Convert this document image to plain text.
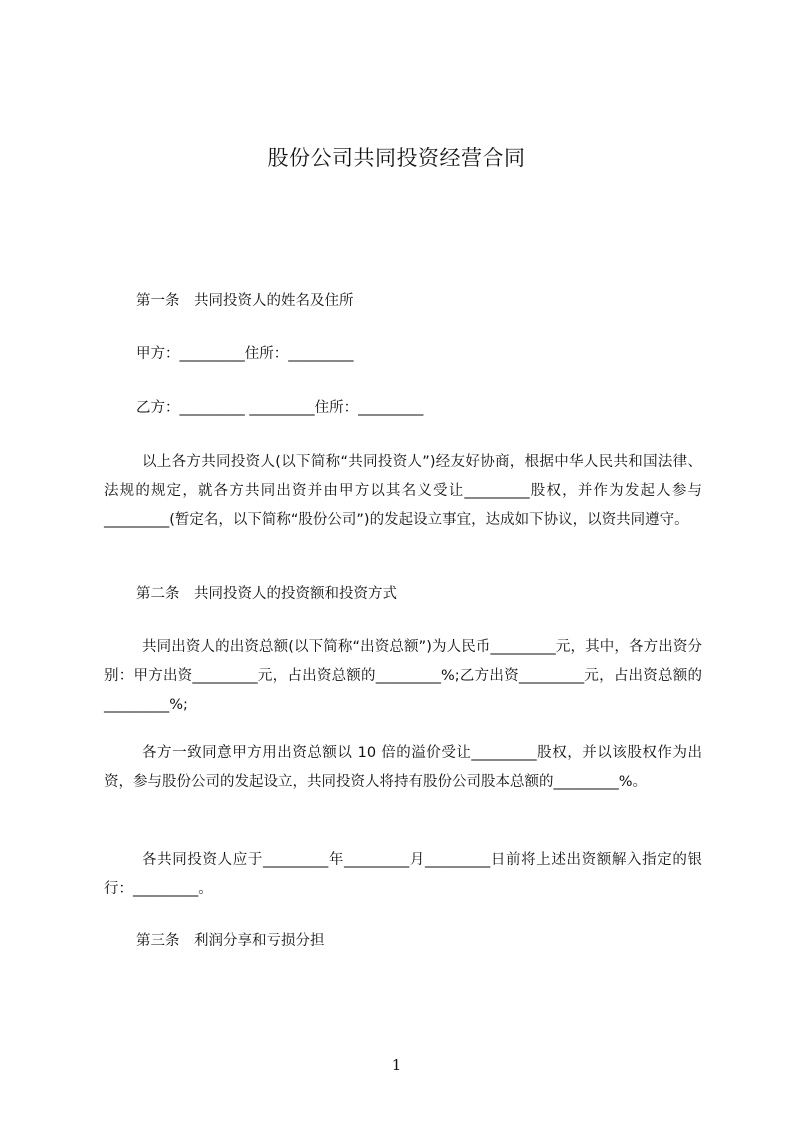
股份公司共同投资经营合同
第一条　共同投资人的姓名及住所
甲方：_________住所：_________
乙方：_________ _________住所：_________

以上各方共同投资人(以下简称“共同投资人”)经友好协商，根据中华人民共和国法律、法规的规定，就各方共同出资并由甲方以其名义受让_________股权，并作为发起人参与_________(暂定名，以下简称“股份公司”)的发起设立事宜，达成如下协议，以资共同遵守。

第二条　共同投资人的投资额和投资方式

共同出资人的出资总额(以下简称“出资总额”)为人民币_________元，其中，各方出资分别：甲方出资_________元，占出资总额的_________%;乙方出资_________元，占出资总额的_________%;

各方一致同意甲方用出资总额以 10 倍的溢价受让_________股权，并以该股权作为出资，参与股份公司的发起设立，共同投资人将持有股份公司股本总额的_________%。

各共同投资人应于_________年_________月_________日前将上述出资额解入指定的银行：_________。

第三条　利润分享和亏损分担
1
